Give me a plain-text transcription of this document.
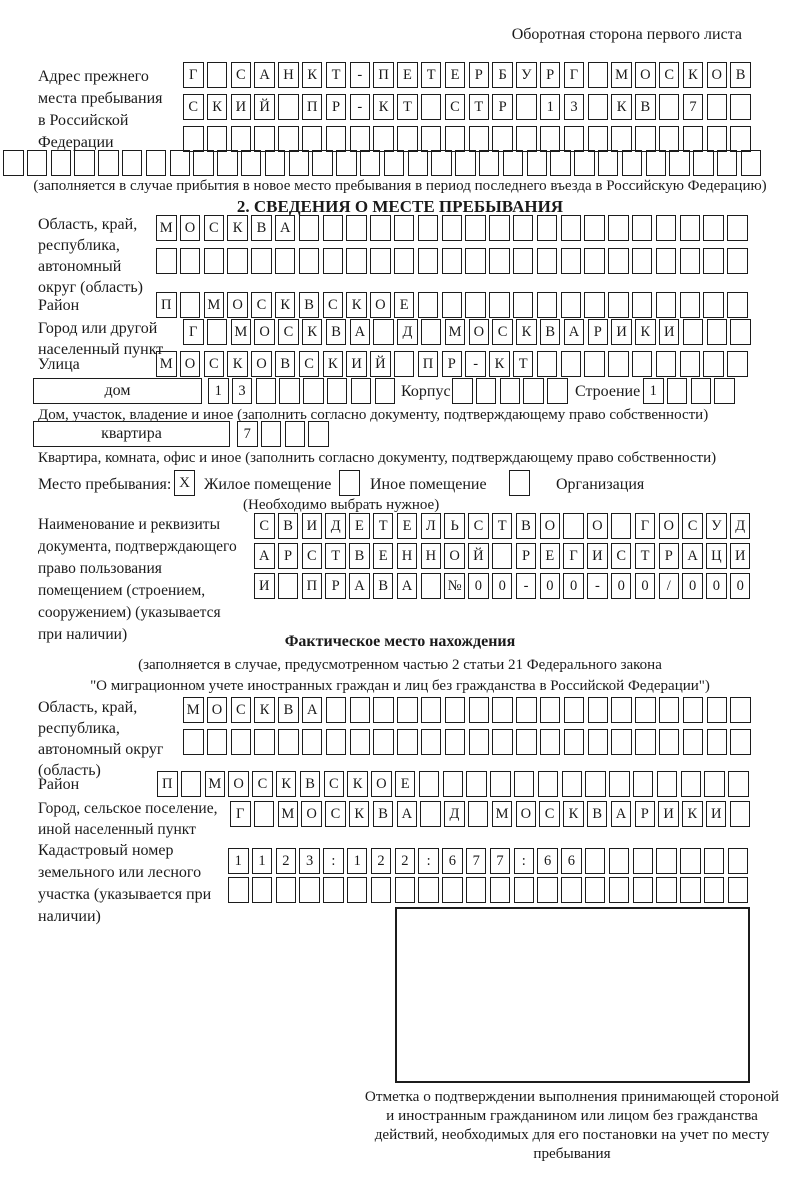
Оборотная сторона первого листа
Адрес прежнего места пребывания в Российской Федерации
Г	С А Н К	Т	-	П Е	Т	Е	Р	Б	У	Р	Г	М О С К О В
С К И Й	П	Р	-	К	Т	С	Т	Р	1	3	К В	7
(заполняется в случае прибытия в новое место пребывания в период последнего въезда в Российскую Федерацию)
2. СВЕДЕНИЯ О МЕСТЕ ПРЕБЫВАНИЯ
Область, край, республика, автономный округ (область)
М О С К В А
Район	П	М О С К В С К О Е
Город или другой населенный пункт
Г	М О С К В А	Д	М О С К В А	Р	И К И
Улица	М О С К О В С К И Й	П	Р	-	К	Т
дом	1	3	Корпус	Строение 1
Дом, участок, владение и иное (заполнить согласно документу, подтверждающему право собственности)
квартира	7
Квартира, комната, офис и иное (заполнить согласно документу, подтверждающему право собственности)
Место пребывания: X Жилое помещение Иное помещение	Организация
(Необходимо выбрать нужное)
Наименование и реквизиты документа, подтверждающего право пользования помещением (строением, сооружением) (указывается при наличии)
С В И Д Е	Т	Е Л	Ь	С	Т	В О	О	Г О С У Д
А	Р	С	Т	В	Е Н Н О Й	Р	Е	Г И С	Т	Р	А Ц И
И	П	Р	А В А	№ 0	0	-	0	0	-	0	0	/	0	0	0
Фактическое место нахождения
(заполняется в случае, предусмотренном частью 2 статьи 21 Федерального закона
"О миграционном учете иностранных граждан и лиц без гражданства в Российской Федерации")
Область, край, республика, автономный округ (область)
М О С К В А
Район	П	М О С К В С К О Е
Город, сельское поселение, иной населенный пункт
Г	М О С К В А	Д	М О С К В А	Р	И К И
Кадастровый номер земельного или лесного участка (указывается при наличии)
1	1	2	3	:	1	2	2	:	6	7	7	:	6	6
Отметка о подтверждении выполнения принимающей стороной и иностранным гражданином или лицом без гражданства действий, необходимых для его постановки на учет по месту пребывания
